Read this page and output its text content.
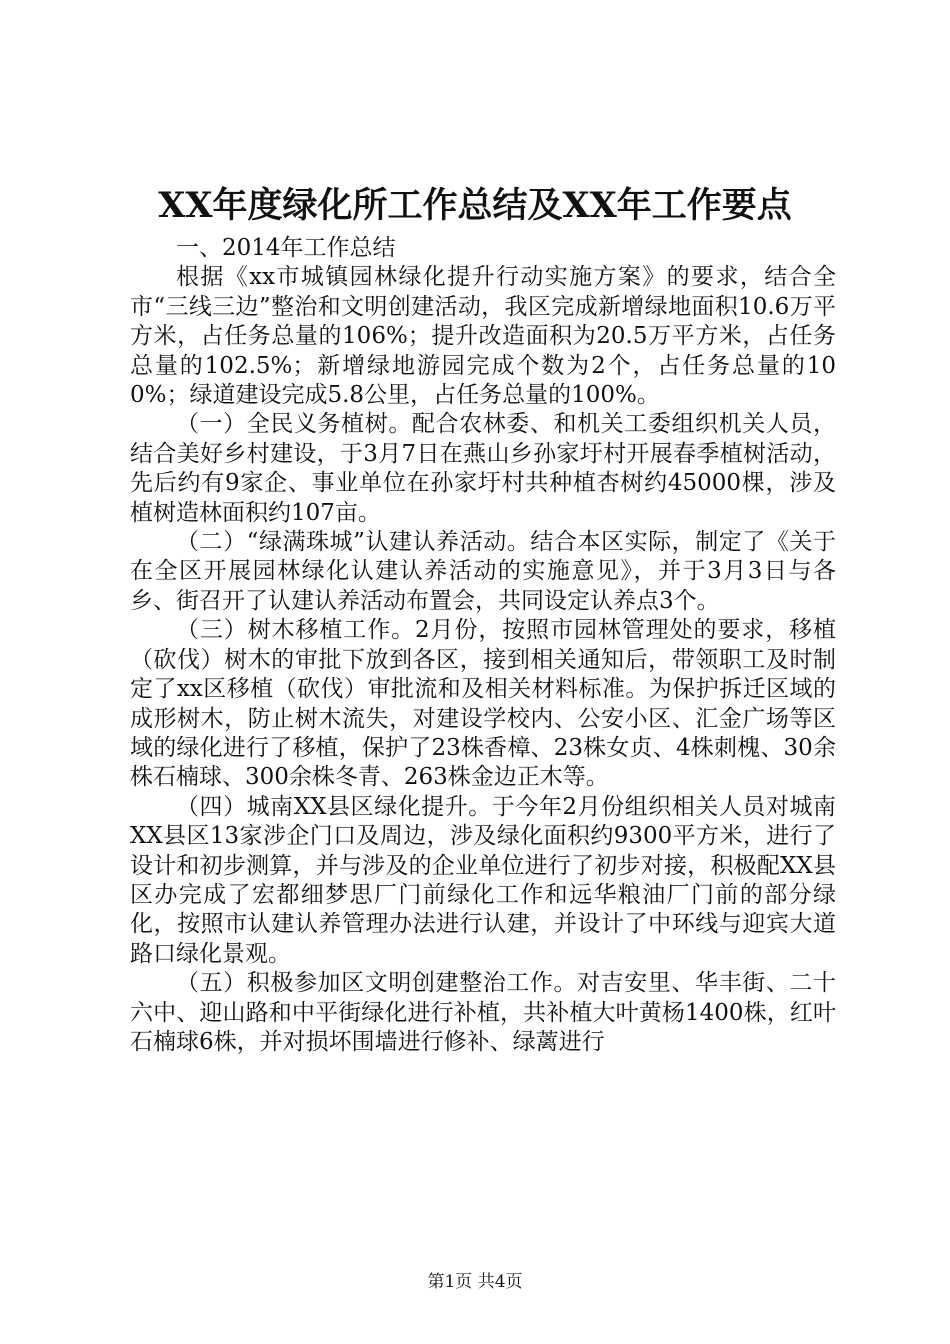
XX年度绿化所工作总结及XX年工作要点

一、2014年工作总结

根据《xx市城镇园林绿化提升行动实施方案》的要求，结合全市“三线三边”整治和文明创建活动，我区完成新增绿地面积10.6万平方米，占任务总量的106%；提升改造面积为20.5万平方米，占任务总量的102.5%；新增绿地游园完成个数为2个，占任务总量的100%；绿道建设完成5.8公里，占任务总量的100%。

（一）全民义务植树。配合农林委、和机关工委组织机关人员，结合美好乡村建设，于3月7日在燕山乡孙家圩村开展春季植树活动，先后约有9家企、事业单位在孙家圩村共种植杏树约45000棵，涉及植树造林面积约107亩。

（二）“绿满珠城”认建认养活动。结合本区实际，制定了《关于在全区开展园林绿化认建认养活动的实施意见》，并于3月3日与各乡、街召开了认建认养活动布置会，共同设定认养点3个。

（三）树木移植工作。2月份，按照市园林管理处的要求，移植（砍伐）树木的审批下放到各区，接到相关通知后，带领职工及时制定了xx区移植（砍伐）审批流和及相关材料标准。为保护拆迁区域的成形树木，防止树木流失，对建设学校内、公安小区、汇金广场等区域的绿化进行了移植，保护了23株香樟、23株女贞、4株刺槐、30余株石楠球、300余株冬青、263株金边正木等。

（四）城南XX县区绿化提升。于今年2月份组织相关人员对城南XX县区13家涉企门口及周边，涉及绿化面积约9300平方米，进行了设计和初步测算，并与涉及的企业单位进行了初步对接，积极配XX县区办完成了宏都细梦思厂门前绿化工作和远华粮油厂门前的部分绿化，按照市认建认养管理办法进行认建，并设计了中环线与迎宾大道路口绿化景观。

（五）积极参加区文明创建整治工作。对吉安里、华丰街、二十六中、迎山路和中平街绿化进行补植，共补植大叶黄杨1400株，红叶石楠球6株，并对损坏围墙进行修补、绿蓠进行

第1页 共4页
